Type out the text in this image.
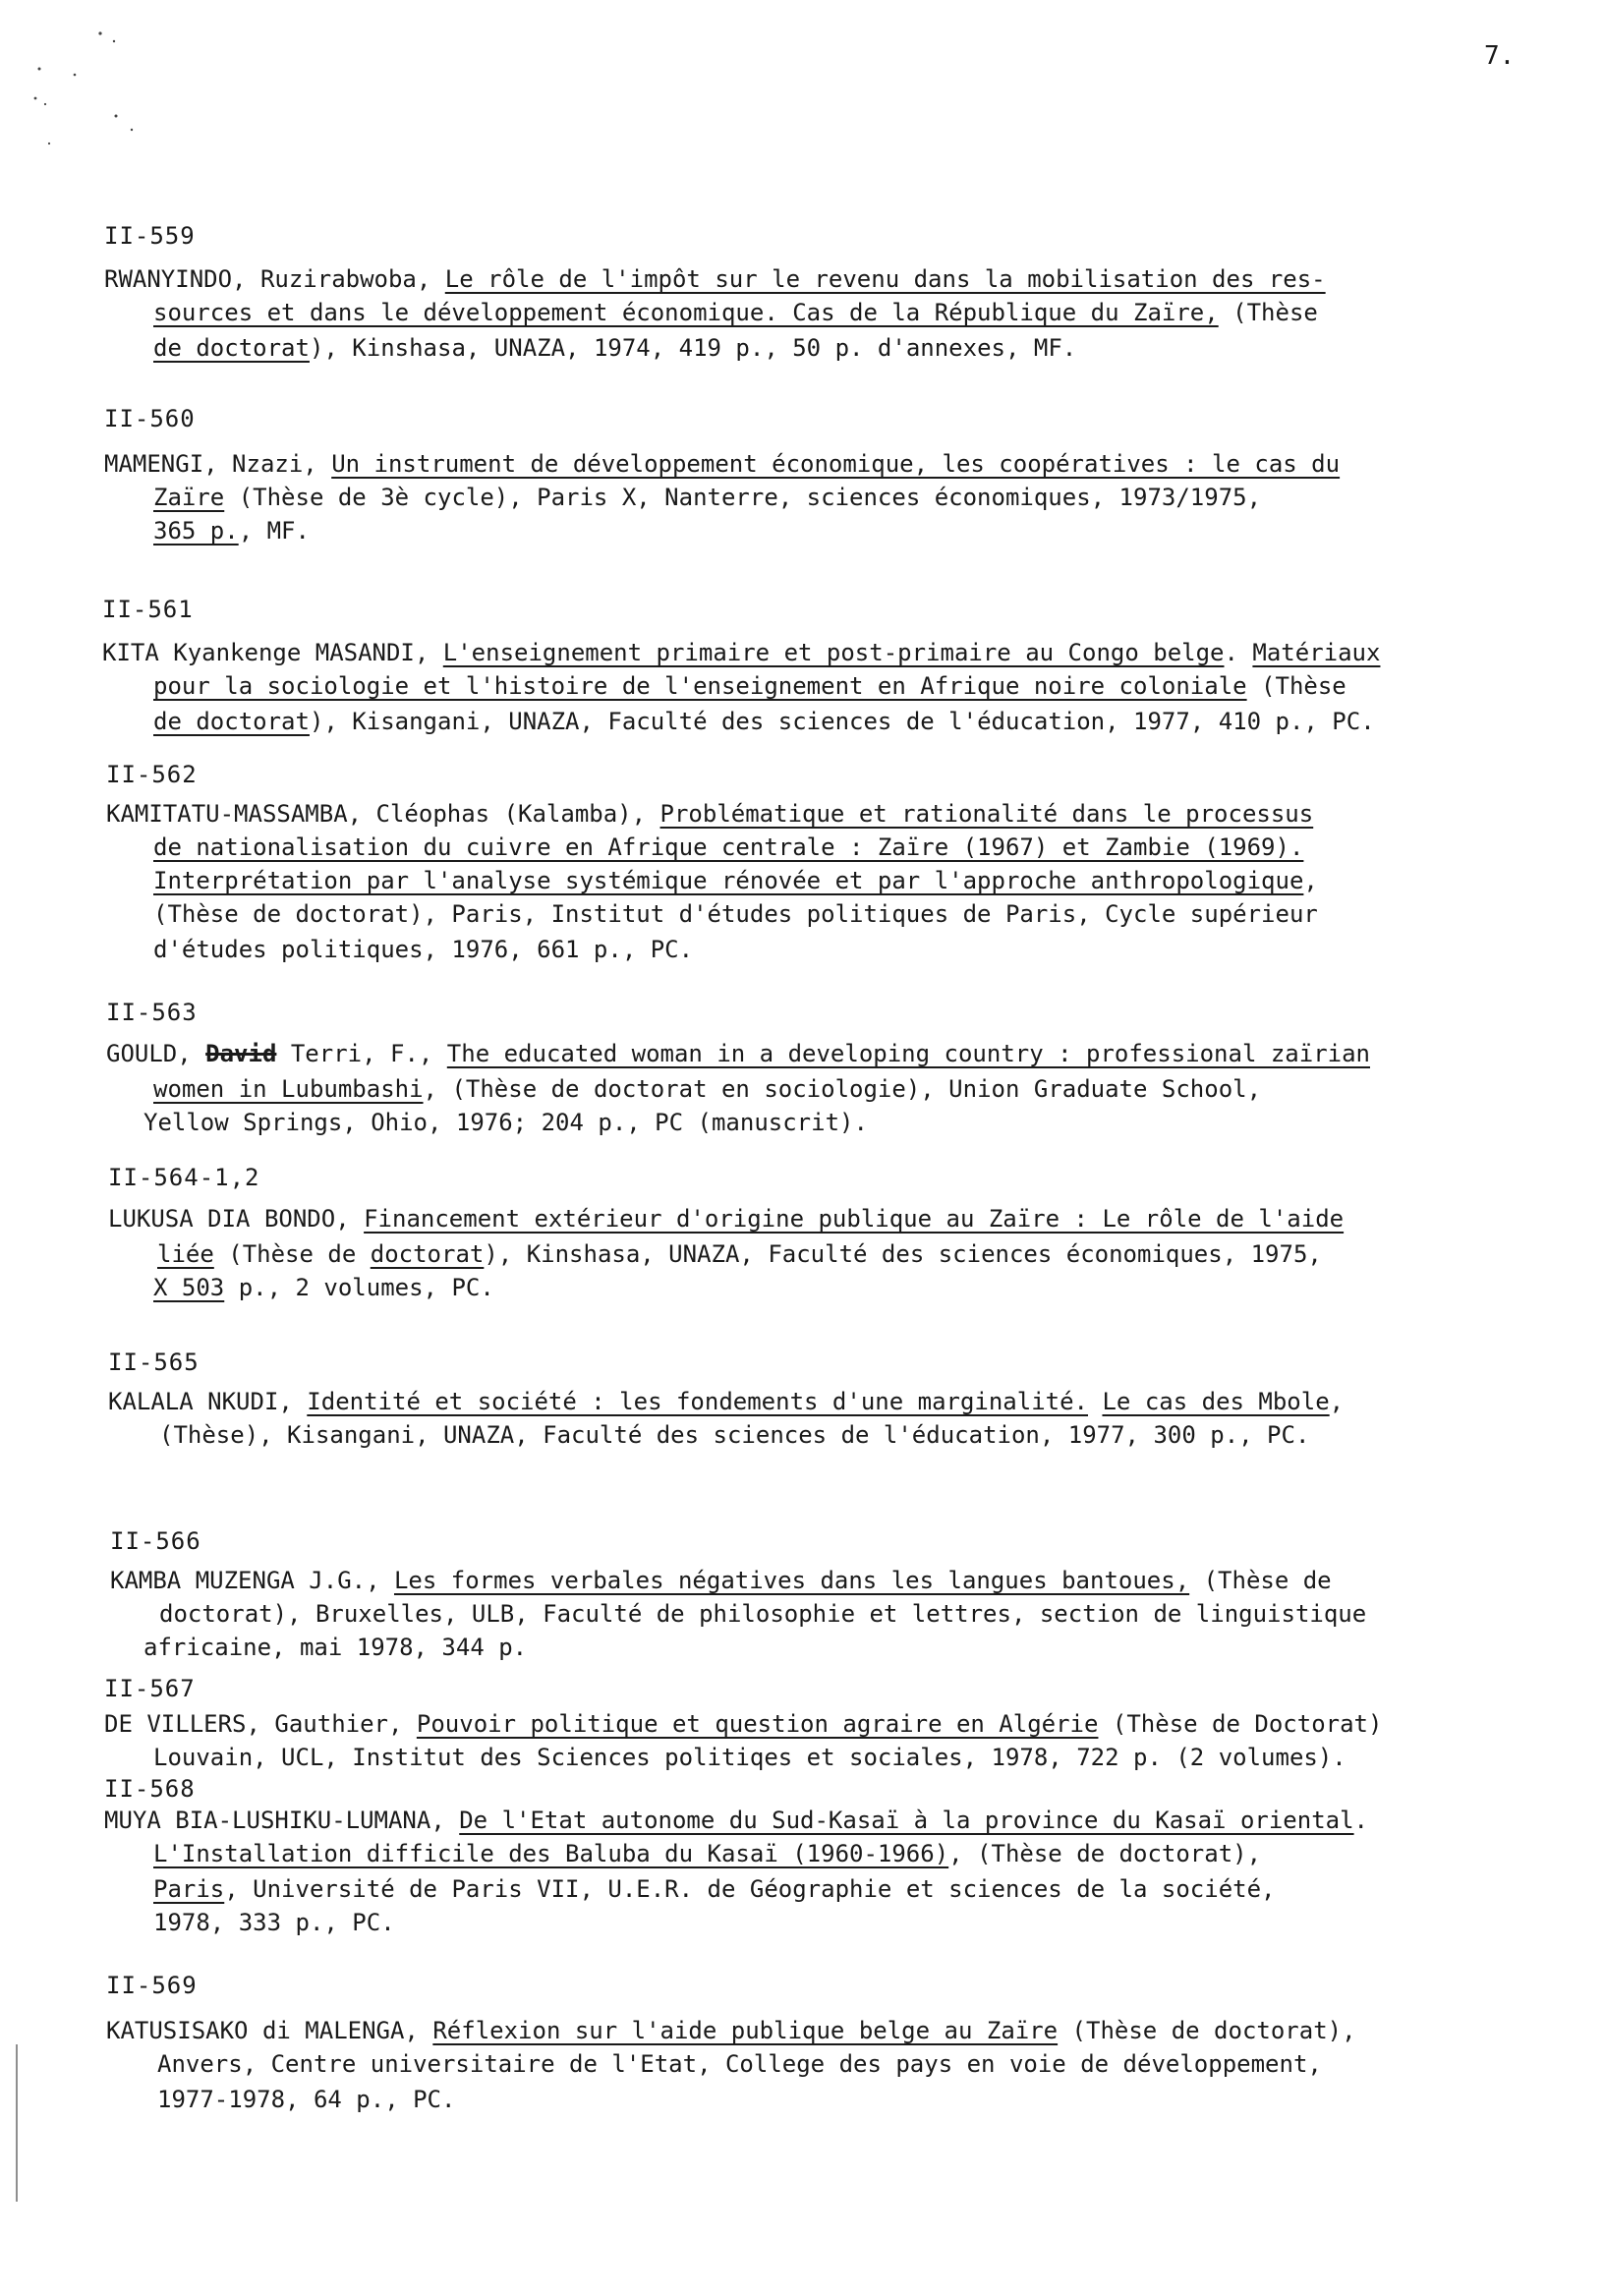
7.
II-559
RWANYINDO, Ruzirabwoba, Le rôle de l'impôt sur le revenu dans la mobilisation des res-
sources et dans le développement économique. Cas de la République du Zaïre, (Thèse
de doctorat), Kinshasa, UNAZA, 1974, 419 p., 50 p. d'annexes, MF.
II-560
MAMENGI, Nzazi, Un instrument de développement économique, les coopératives : le cas du
Zaïre (Thèse de 3è cycle), Paris X, Nanterre, sciences économiques, 1973/1975,
365 p., MF.
II-561
KITA Kyankenge MASANDI, L'enseignement primaire et post-primaire au Congo belge. Matériaux
pour la sociologie et l'histoire de l'enseignement en Afrique noire coloniale (Thèse
de doctorat), Kisangani, UNAZA, Faculté des sciences de l'éducation, 1977, 410 p., PC.
II-562
KAMITATU-MASSAMBA, Cléophas (Kalamba), Problématique et rationalité dans le processus
de nationalisation du cuivre en Afrique centrale : Zaïre (1967) et Zambie (1969).
Interprétation par l'analyse systémique rénovée et par l'approche anthropologique,
(Thèse de doctorat), Paris, Institut d'études politiques de Paris, Cycle supérieur
d'études politiques, 1976, 661 p., PC.
II-563
GOULD, David Terri, F., The educated woman in a developing country : professional zaïrian
women in Lubumbashi, (Thèse de doctorat en sociologie), Union Graduate School,
Yellow Springs, Ohio, 1976; 204 p., PC (manuscrit).
II-564-1,2
LUKUSA DIA BONDO, Financement extérieur d'origine publique au Zaïre : Le rôle de l'aide
liée (Thèse de doctorat), Kinshasa, UNAZA, Faculté des sciences économiques, 1975,
X 503 p., 2 volumes, PC.
II-565
KALALA NKUDI, Identité et société : les fondements d'une marginalité. Le cas des Mbole,
(Thèse), Kisangani, UNAZA, Faculté des sciences de l'éducation, 1977, 300 p., PC.
II-566
KAMBA MUZENGA J.G., Les formes verbales négatives dans les langues bantoues, (Thèse de
doctorat), Bruxelles, ULB, Faculté de philosophie et lettres, section de linguistique
africaine, mai 1978, 344 p.
II-567
DE VILLERS, Gauthier, Pouvoir politique et question agraire en Algérie (Thèse de Doctorat)
Louvain, UCL, Institut des Sciences politiqes et sociales, 1978, 722 p. (2 volumes).
II-568
MUYA BIA-LUSHIKU-LUMANA, De l'Etat autonome du Sud-Kasaï à la province du Kasaï oriental.
L'Installation difficile des Baluba du Kasaï (1960-1966), (Thèse de doctorat),
Paris, Université de Paris VII, U.E.R. de Géographie et sciences de la société,
1978, 333 p., PC.
II-569
KATUSISAKO di MALENGA, Réflexion sur l'aide publique belge au Zaïre (Thèse de doctorat),
Anvers, Centre universitaire de l'Etat, College des pays en voie de développement,
1977-1978, 64 p., PC.
